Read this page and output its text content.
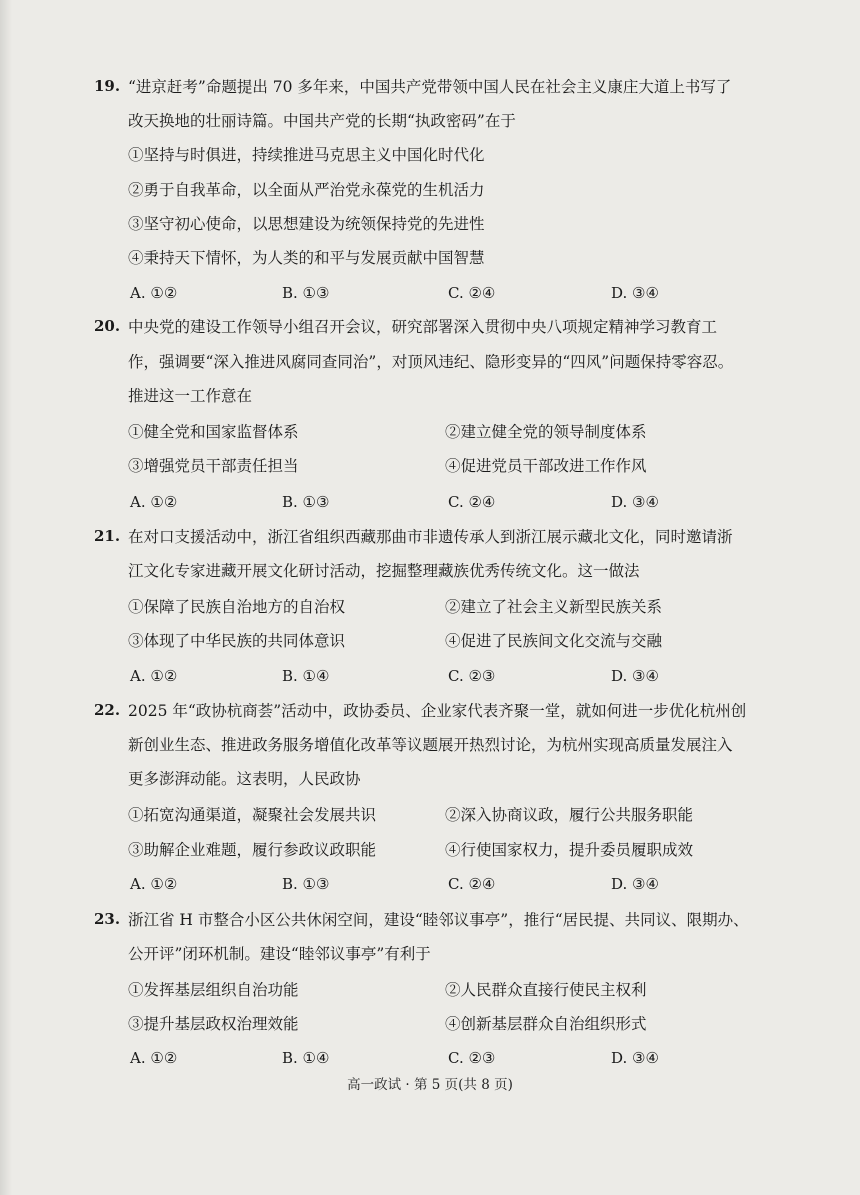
19. “进京赶考”命题提出 70 多年来，中国共产党带领中国人民在社会主义康庄大道上书写了
改天换地的壮丽诗篇。中国共产党的长期“执政密码”在于
①坚持与时俱进，持续推进马克思主义中国化时代化
②勇于自我革命，以全面从严治党永葆党的生机活力
③坚守初心使命，以思想建设为统领保持党的先进性
④秉持天下情怀，为人类的和平与发展贡献中国智慧
A. ①②	B. ①③	C. ②④	D. ③④
20. 中央党的建设工作领导小组召开会议，研究部署深入贯彻中央八项规定精神学习教育工
作，强调要“深入推进风腐同查同治”，对顶风违纪、隐形变异的“四风”问题保持零容忍。
推进这一工作意在
①健全党和国家监督体系	②建立健全党的领导制度体系
③增强党员干部责任担当	④促进党员干部改进工作作风
A. ①②	B. ①③	C. ②④	D. ③④
21. 在对口支援活动中，浙江省组织西藏那曲市非遗传承人到浙江展示藏北文化，同时邀请浙
江文化专家进藏开展文化研讨活动，挖掘整理藏族优秀传统文化。这一做法
①保障了民族自治地方的自治权	②建立了社会主义新型民族关系
③体现了中华民族的共同体意识	④促进了民族间文化交流与交融
A. ①②	B. ①④	C. ②③	D. ③④
22. 2025 年“政协杭商荟”活动中，政协委员、企业家代表齐聚一堂，就如何进一步优化杭州创
新创业生态、推进政务服务增值化改革等议题展开热烈讨论，为杭州实现高质量发展注入
更多澎湃动能。这表明，人民政协
①拓宽沟通渠道，凝聚社会发展共识	②深入协商议政，履行公共服务职能
③助解企业难题，履行参政议政职能	④行使国家权力，提升委员履职成效
A. ①②	B. ①③	C. ②④	D. ③④
23. 浙江省 H 市整合小区公共休闲空间，建设“睦邻议事亭”，推行“居民提、共同议、限期办、
公开评”闭环机制。建设“睦邻议事亭”有利于
①发挥基层组织自治功能	②人民群众直接行使民主权利
③提升基层政权治理效能	④创新基层群众自治组织形式
A. ①②	B. ①④	C. ②③	D. ③④
高一政试 · 第 5 页(共 8 页)
